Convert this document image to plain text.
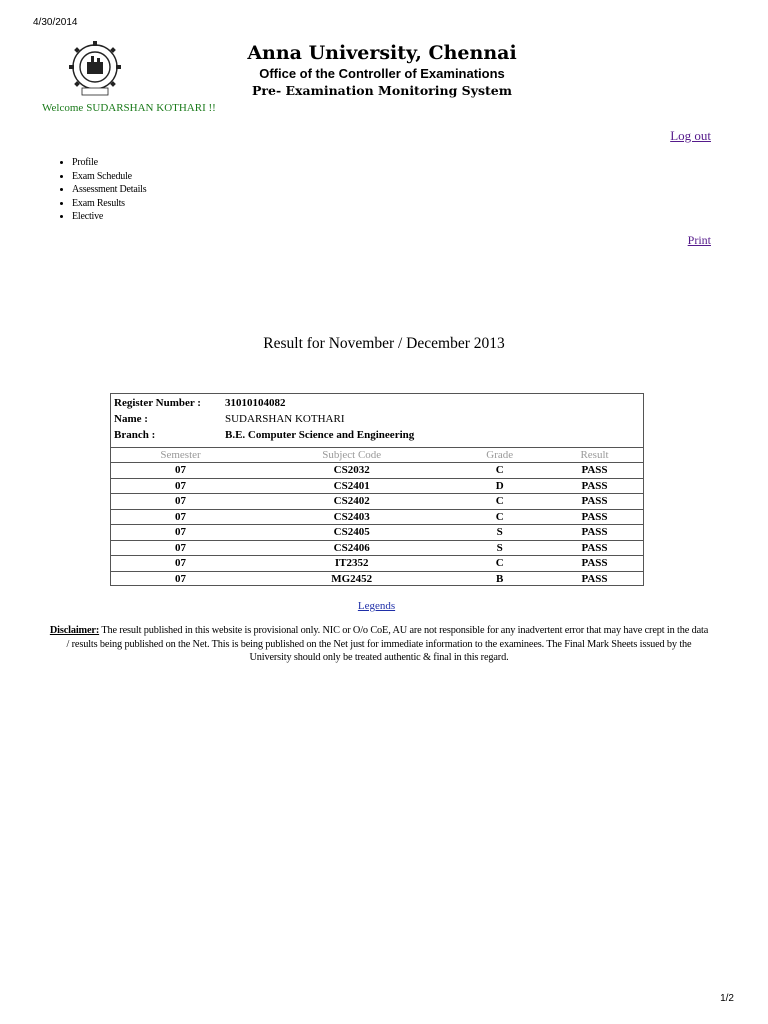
4/30/2014
Anna University, Chennai
Office of the Controller of Examinations
Pre- Examination Monitoring System
Welcome SUDARSHAN KOTHARI !!
Log out
• Profile
• Exam Schedule
• Assessment Details
• Exam Results
• Elective
Print
Result for November / December 2013
Register Number : 31010104082
Name :	SUDARSHAN KOTHARI
Branch :	B.E. Computer Science and Engineering
Semester	Subject Code	Grade	Result
07	CS2032	C	PASS
07	CS2401	D	PASS
07	CS2402	C	PASS
07	CS2403	C	PASS
07	CS2405	S	PASS
07	CS2406	S	PASS
07	IT2352	C	PASS
07	MG2452	B	PASS
Legends
Disclaimer: The result published in this website is provisional only. NIC or O/o CoE, AU are not responsible for any inadvertent error that may have crept in the data / results being published on the Net. This is being published on the Net just for immediate information to the examinees. The Final Mark Sheets issued by the University should only be treated authentic & final in this regard.
1/2
